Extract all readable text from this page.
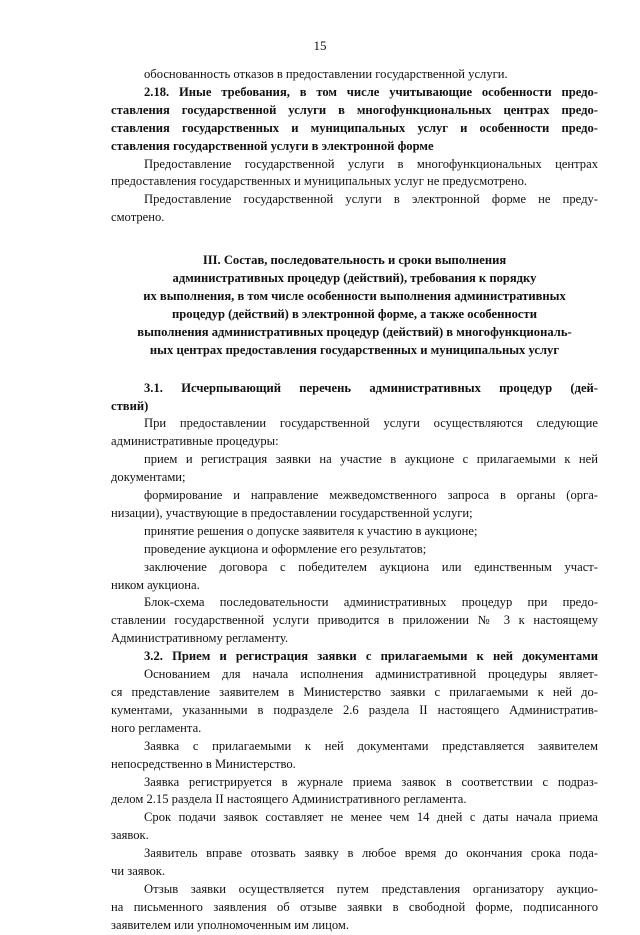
15

обоснованность отказов в предоставлении государственной услуги.

2.18. Иные требования, в том числе учитывающие особенности предо-

ставления государственной услуги в многофункциональных центрах предо-

ставления государственных и муниципальных услуг и особенности предо-

ставления государственной услуги в электронной форме

Предоставление государственной услуги в многофункциональных центрах

предоставления государственных и муниципальных услуг не предусмотрено.

Предоставление государственной услуги в электронной форме не преду-

смотрено.

III. Состав, последовательность и сроки выполнения

административных процедур (действий), требования к порядку

их выполнения, в том числе особенности выполнения административных

процедур (действий) в электронной форме, а также особенности

выполнения административных процедур (действий) в многофункциональ-

ных центрах предоставления государственных и муниципальных услуг

3.1. Исчерпывающий перечень административных процедур (дей-

ствий)

При предоставлении государственной услуги осуществляются следующие

административные процедуры:

прием и регистрация заявки на участие в аукционе с прилагаемыми к ней

документами;

формирование и направление межведомственного запроса в органы (орга-

низации), участвующие в предоставлении государственной услуги;

принятие решения о допуске заявителя к участию в аукционе;

проведение аукциона и оформление его результатов;

заключение договора с победителем аукциона или единственным участ-

ником аукциона.

Блок-схема последовательности административных процедур при предо-

ставлении государственной услуги приводится в приложении № 3 к настоящему

Административному регламенту.

3.2. Прием и регистрация заявки с прилагаемыми к ней документами

Основанием для начала исполнения административной процедуры являет-

ся представление заявителем в Министерство заявки с прилагаемыми к ней до-

кументами, указанными в подразделе 2.6 раздела II настоящего Административ-

ного регламента.

Заявка с прилагаемыми к ней документами представляется заявителем

непосредственно в Министерство.

Заявка регистрируется в журнале приема заявок в соответствии с подраз-

делом 2.15 раздела II настоящего Административного регламента.

Срок подачи заявок составляет не менее чем 14 дней с даты начала приема

заявок.

Заявитель вправе отозвать заявку в любое время до окончания срока пода-

чи заявок.

Отзыв заявки осуществляется путем представления организатору аукцио-

на письменного заявления об отзыве заявки в свободной форме, подписанного

заявителем или уполномоченным им лицом.
